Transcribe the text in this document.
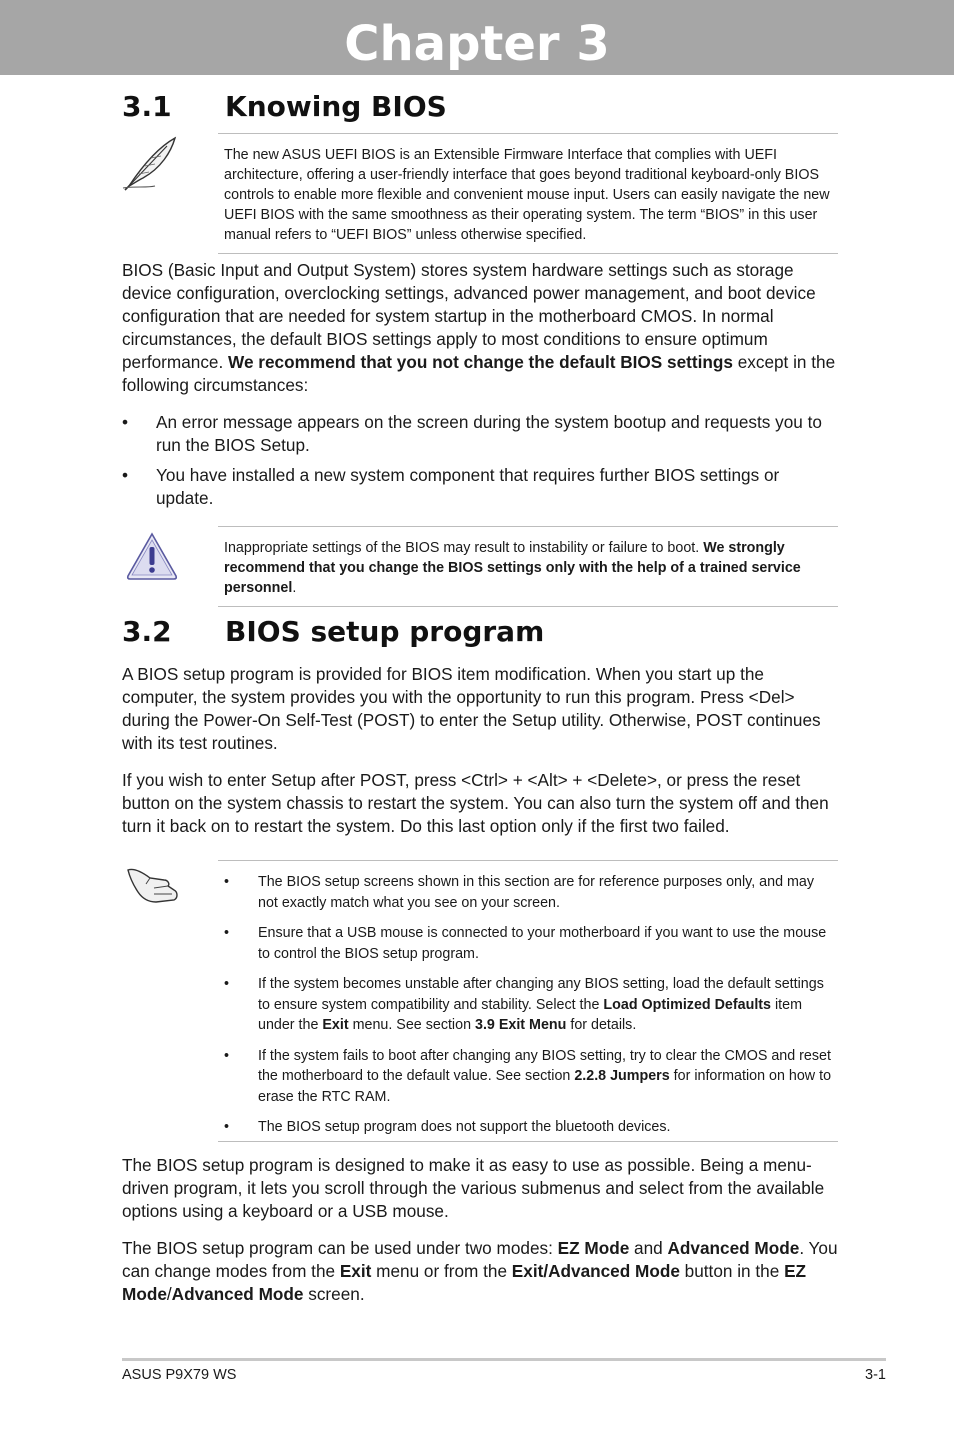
Chapter 3
3.1 Knowing BIOS

The new ASUS UEFI BIOS is an Extensible Firmware Interface that complies with UEFI architecture, offering a user-friendly interface that goes beyond traditional keyboard-only BIOS controls to enable more flexible and convenient mouse input. Users can easily navigate the new UEFI BIOS with the same smoothness as their operating system. The term “BIOS” in this user manual refers to “UEFI BIOS” unless otherwise specified.

BIOS (Basic Input and Output System) stores system hardware settings such as storage device configuration, overclocking settings, advanced power management, and boot device configuration that are needed for system startup in the motherboard CMOS. In normal circumstances, the default BIOS settings apply to most conditions to ensure optimum performance. We recommend that you not change the default BIOS settings except in the following circumstances:

• An error message appears on the screen during the system bootup and requests you to run the BIOS Setup.
• You have installed a new system component that requires further BIOS settings or update.

Inappropriate settings of the BIOS may result to instability or failure to boot. We strongly recommend that you change the BIOS settings only with the help of a trained service personnel.

3.2 BIOS setup program

A BIOS setup program is provided for BIOS item modification. When you start up the computer, the system provides you with the opportunity to run this program. Press <Del> during the Power-On Self-Test (POST) to enter the Setup utility. Otherwise, POST continues with its test routines.

If you wish to enter Setup after POST, press <Ctrl> + <Alt> + <Delete>, or press the reset button on the system chassis to restart the system. You can also turn the system off and then turn it back on to restart the system. Do this last option only if the first two failed.

• The BIOS setup screens shown in this section are for reference purposes only, and may not exactly match what you see on your screen.
• Ensure that a USB mouse is connected to your motherboard if you want to use the mouse to control the BIOS setup program.
• If the system becomes unstable after changing any BIOS setting, load the default settings to ensure system compatibility and stability. Select the Load Optimized Defaults item under the Exit menu. See section 3.9 Exit Menu for details.
• If the system fails to boot after changing any BIOS setting, try to clear the CMOS and reset the motherboard to the default value. See section 2.2.8 Jumpers for information on how to erase the RTC RAM.
• The BIOS setup program does not support the bluetooth devices.

The BIOS setup program is designed to make it as easy to use as possible. Being a menu-driven program, it lets you scroll through the various submenus and select from the available options using a keyboard or a USB mouse.

The BIOS setup program can be used under two modes: EZ Mode and Advanced Mode. You can change modes from the Exit menu or from the Exit/Advanced Mode button in the EZ Mode/Advanced Mode screen.

ASUS P9X79 WS	3-1
